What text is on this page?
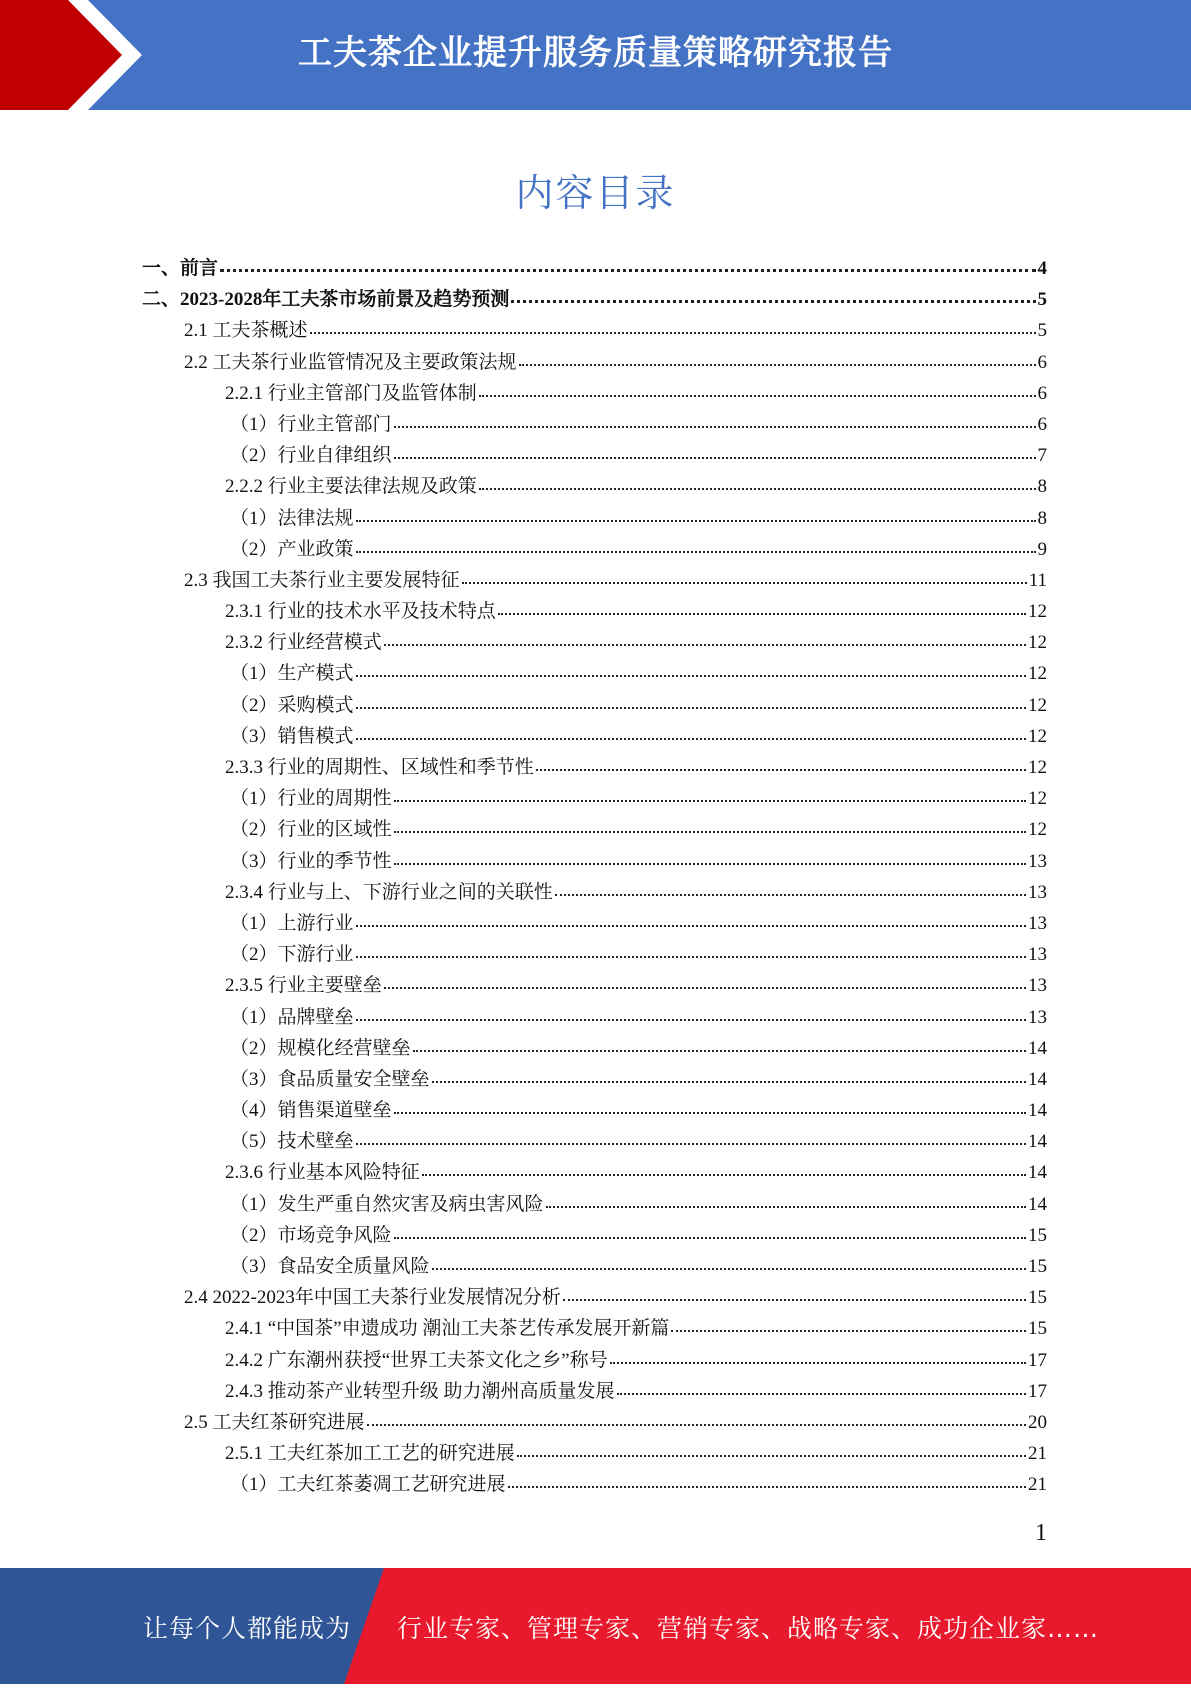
工夫茶企业提升服务质量策略研究报告
内容目录
一、前言	4
二、2023-2028年工夫茶市场前景及趋势预测	5
2.1 工夫茶概述	5
2.2 工夫茶行业监管情况及主要政策法规	6
2.2.1 行业主管部门及监管体制	6
（1）行业主管部门	6
（2）行业自律组织	7
2.2.2 行业主要法律法规及政策	8
（1）法律法规	8
（2）产业政策	9
2.3 我国工夫茶行业主要发展特征	11
2.3.1 行业的技术水平及技术特点	12
2.3.2 行业经营模式	12
（1）生产模式	12
（2）采购模式	12
（3）销售模式	12
2.3.3 行业的周期性、区域性和季节性	12
（1）行业的周期性	12
（2）行业的区域性	12
（3）行业的季节性	13
2.3.4 行业与上、下游行业之间的关联性	13
（1）上游行业	13
（2）下游行业	13
2.3.5 行业主要壁垒	13
（1）品牌壁垒	13
（2）规模化经营壁垒	14
（3）食品质量安全壁垒	14
（4）销售渠道壁垒	14
（5）技术壁垒	14
2.3.6 行业基本风险特征	14
（1）发生严重自然灾害及病虫害风险	14
（2）市场竞争风险	15
（3）食品安全质量风险	15
2.4 2022-2023年中国工夫茶行业发展情况分析	15
2.4.1 “中国茶”申遗成功 潮汕工夫茶艺传承发展开新篇	15
2.4.2 广东潮州获授“世界工夫茶文化之乡”称号	17
2.4.3 推动茶产业转型升级 助力潮州高质量发展	17
2.5 工夫红茶研究进展	20
2.5.1 工夫红茶加工工艺的研究进展	21
（1）工夫红茶萎凋工艺研究进展	21
1
让每个人都能成为 行业专家、管理专家、营销专家、战略专家、成功企业家……
